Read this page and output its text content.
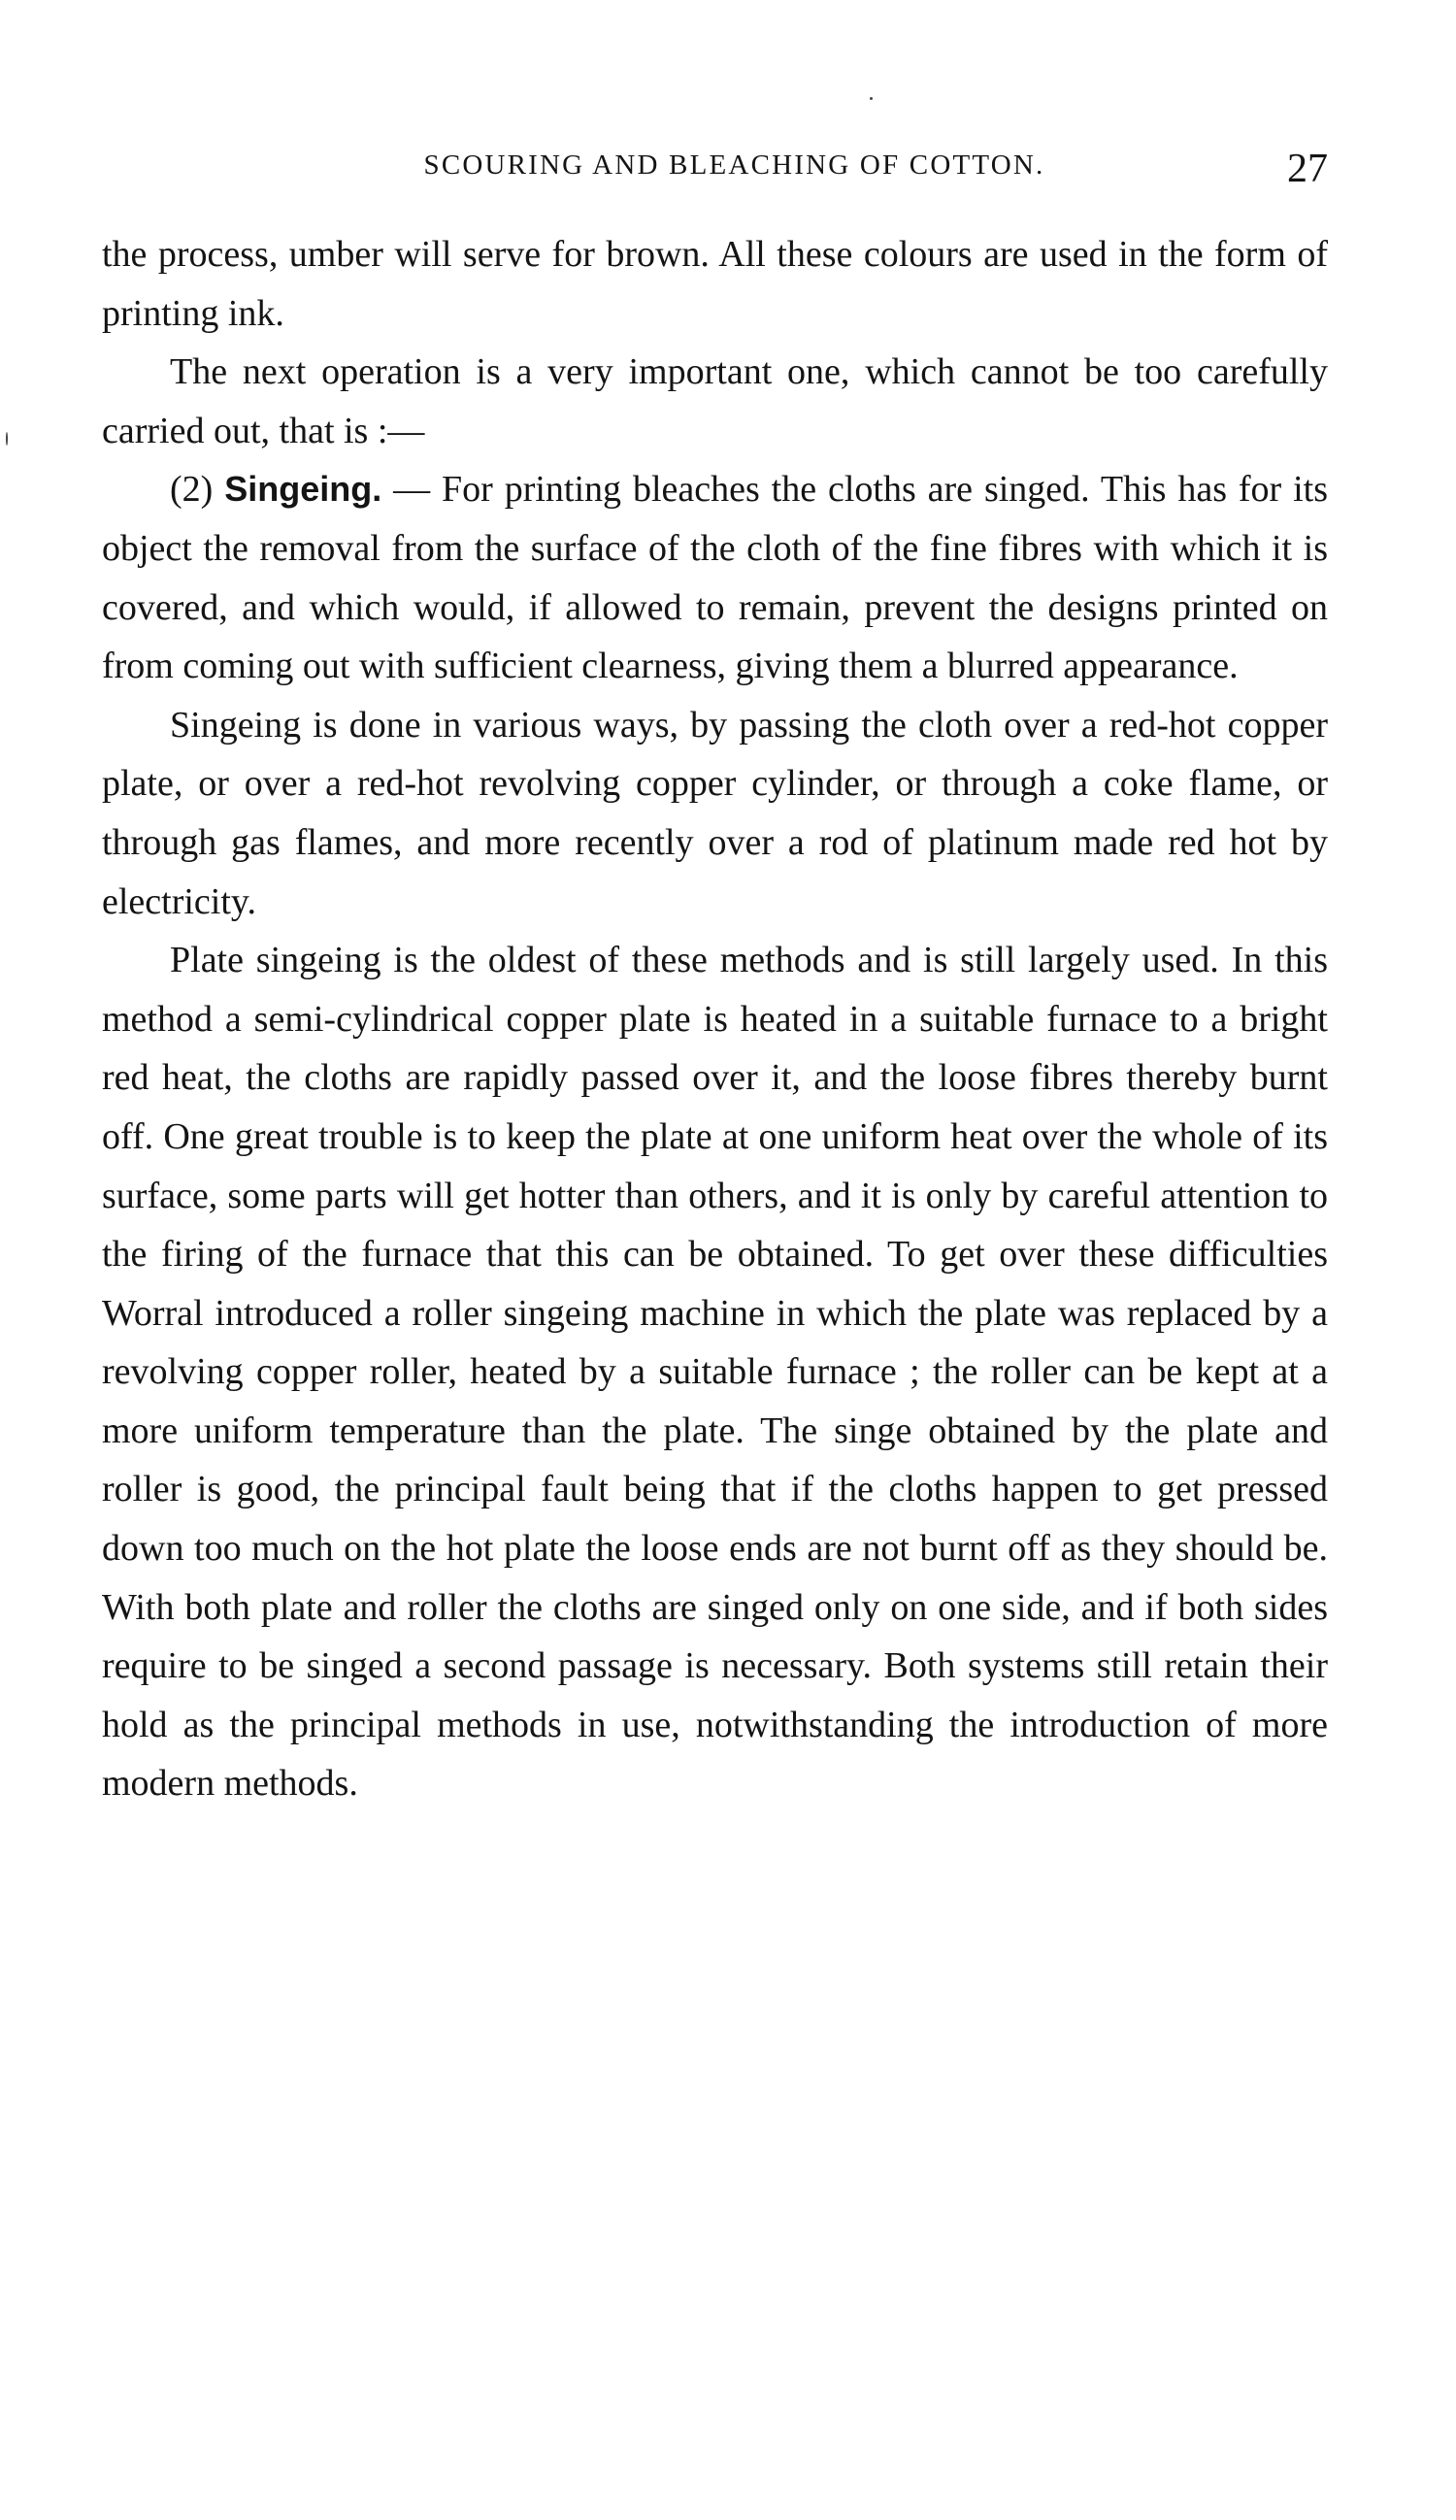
SCOURING AND BLEACHING OF COTTON.	27

the process, umber will serve for brown. All these colours are used in the form of printing ink.

The next operation is a very important one, which cannot be too carefully carried out, that is :—

(2) Singeing. — For printing bleaches the cloths are singed. This has for its object the removal from the surface of the cloth of the fine fibres with which it is covered, and which would, if allowed to remain, prevent the designs printed on from coming out with sufficient clearness, giving them a blurred appearance.

Singeing is done in various ways, by passing the cloth over a red-hot copper plate, or over a red-hot revolving copper cylinder, or through a coke flame, or through gas flames, and more recently over a rod of platinum made red hot by electricity.

Plate singeing is the oldest of these methods and is still largely used. In this method a semi-cylindrical copper plate is heated in a suitable furnace to a bright red heat, the cloths are rapidly passed over it, and the loose fibres thereby burnt off. One great trouble is to keep the plate at one uniform heat over the whole of its surface, some parts will get hotter than others, and it is only by careful attention to the firing of the furnace that this can be obtained. To get over these difficulties Worral introduced a roller singeing machine in which the plate was replaced by a revolving copper roller, heated by a suitable furnace ; the roller can be kept at a more uniform temperature than the plate. The singe obtained by the plate and roller is good, the principal fault being that if the cloths happen to get pressed down too much on the hot plate the loose ends are not burnt off as they should be. With both plate and roller the cloths are singed only on one side, and if both sides require to be singed a second passage is necessary. Both systems still retain their hold as the principal methods in use, notwithstanding the introduction of more modern methods.
